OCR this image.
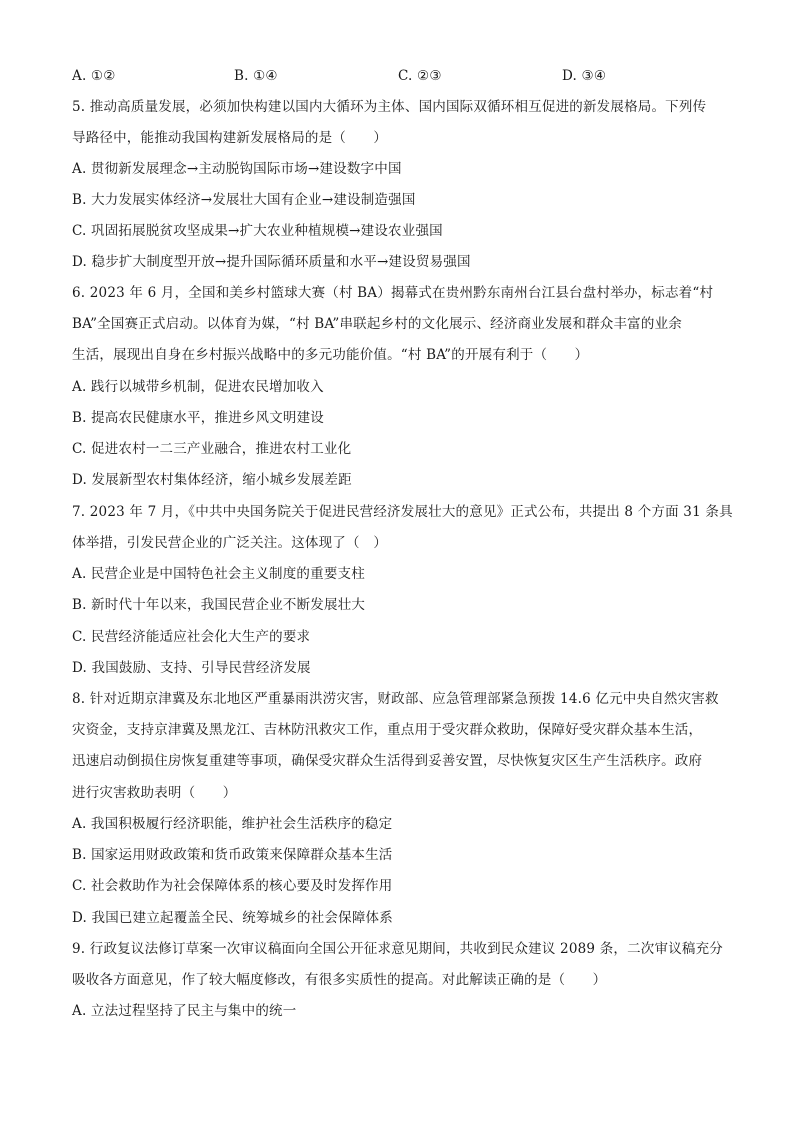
A. ①②	B. ①④	C. ②③	D. ③④
5. 推动高质量发展，必须加快构建以国内大循环为主体、国内国际双循环相互促进的新发展格局。下列传
导路径中，能推动我国构建新发展格局的是（　　）
A. 贯彻新发展理念→主动脱钩国际市场→建设数字中国
B. 大力发展实体经济→发展壮大国有企业→建设制造强国
C. 巩固拓展脱贫攻坚成果→扩大农业种植规模→建设农业强国
D. 稳步扩大制度型开放→提升国际循环质量和水平→建设贸易强国
6. 2023 年 6 月，全国和美乡村篮球大赛（村 BA）揭幕式在贵州黔东南州台江县台盘村举办，标志着“村
BA”全国赛正式启动。以体育为媒，“村 BA”串联起乡村的文化展示、经济商业发展和群众丰富的业余
生活，展现出自身在乡村振兴战略中的多元功能价值。“村 BA”的开展有利于（　　）
A. 践行以城带乡机制，促进农民增加收入
B. 提高农民健康水平，推进乡风文明建设
C. 促进农村一二三产业融合，推进农村工业化
D. 发展新型农村集体经济，缩小城乡发展差距
7. 2023 年 7 月，《中共中央国务院关于促进民营经济发展壮大的意见》正式公布，共提出 8 个方面 31 条具
体举措，引发民营企业的广泛关注。这体现了（　）
A. 民营企业是中国特色社会主义制度的重要支柱
B. 新时代十年以来，我国民营企业不断发展壮大
C. 民营经济能适应社会化大生产的要求
D. 我国鼓励、支持、引导民营经济发展
8. 针对近期京津冀及东北地区严重暴雨洪涝灾害，财政部、应急管理部紧急预拨 14.6 亿元中央自然灾害救
灾资金，支持京津冀及黑龙江、吉林防汛救灾工作，重点用于受灾群众救助，保障好受灾群众基本生活，
迅速启动倒损住房恢复重建等事项，确保受灾群众生活得到妥善安置，尽快恢复灾区生产生活秩序。政府
进行灾害救助表明（　　）
A. 我国积极履行经济职能，维护社会生活秩序的稳定
B. 国家运用财政政策和货币政策来保障群众基本生活
C. 社会救助作为社会保障体系的核心要及时发挥作用
D. 我国已建立起覆盖全民、统筹城乡的社会保障体系
9. 行政复议法修订草案一次审议稿面向全国公开征求意见期间，共收到民众建议 2089 条，二次审议稿充分
吸收各方面意见，作了较大幅度修改，有很多实质性的提高。对此解读正确的是（　　）
A. 立法过程坚持了民主与集中的统一
